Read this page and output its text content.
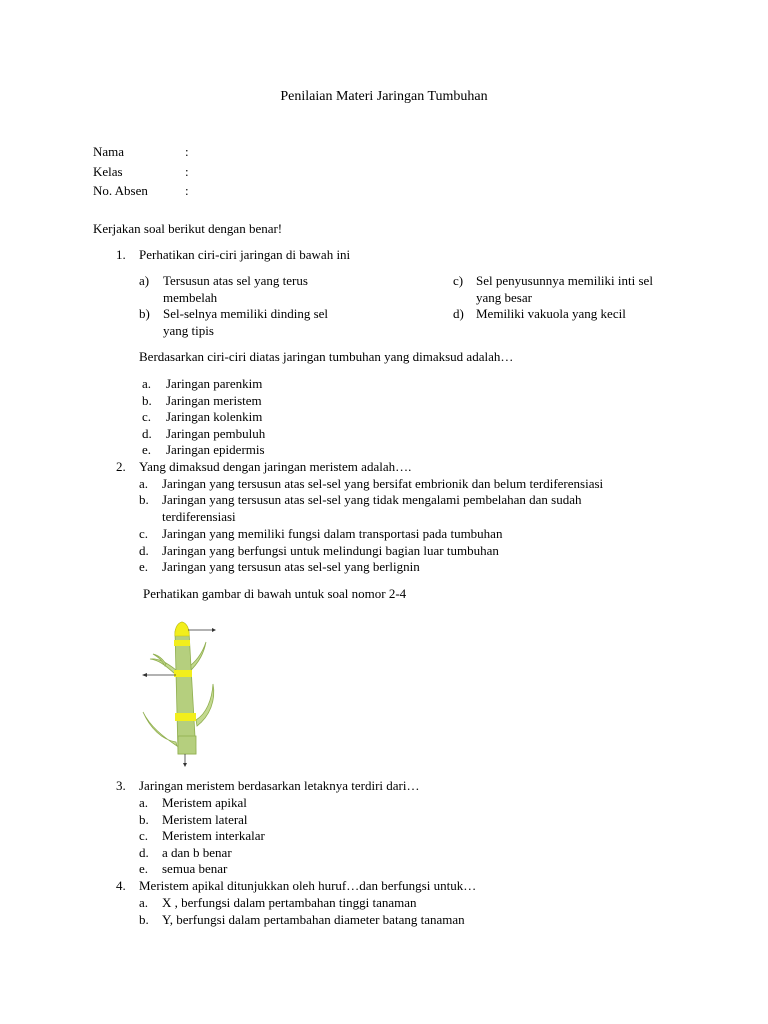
Penilaian Materi Jaringan Tumbuhan
Nama	:
Kelas	:
No. Absen	:
Kerjakan soal berikut dengan benar!
1. Perhatikan ciri-ciri jaringan di bawah ini
a) Tersusun atas sel yang terus
membelah
b) Sel-selnya memiliki dinding sel
yang tipis
c) Sel penyusunnya memiliki inti sel
yang besar
d) Memiliki vakuola yang kecil
Berdasarkan ciri-ciri diatas jaringan tumbuhan yang dimaksud adalah…
a. Jaringan parenkim
b. Jaringan meristem
c. Jaringan kolenkim
d. Jaringan pembuluh
e. Jaringan epidermis
2. Yang dimaksud dengan jaringan meristem adalah….
a. Jaringan yang tersusun atas sel-sel yang bersifat embrionik dan belum terdiferensiasi
b. Jaringan yang tersusun atas sel-sel yang tidak mengalami pembelahan dan sudah
terdiferensiasi
c. Jaringan yang memiliki fungsi dalam transportasi pada tumbuhan
d. Jaringan yang berfungsi untuk melindungi bagian luar tumbuhan
e. Jaringan yang tersusun atas sel-sel yang berlignin
Perhatikan gambar di bawah untuk soal nomor 2-4
3. Jaringan meristem berdasarkan letaknya terdiri dari…
a. Meristem apikal
b. Meristem lateral
c. Meristem interkalar
d. a dan b benar
e. semua benar
4. Meristem apikal ditunjukkan oleh huruf…dan berfungsi untuk…
a. X , berfungsi dalam pertambahan tinggi tanaman
b. Y, berfungsi dalam pertambahan diameter batang tanaman
